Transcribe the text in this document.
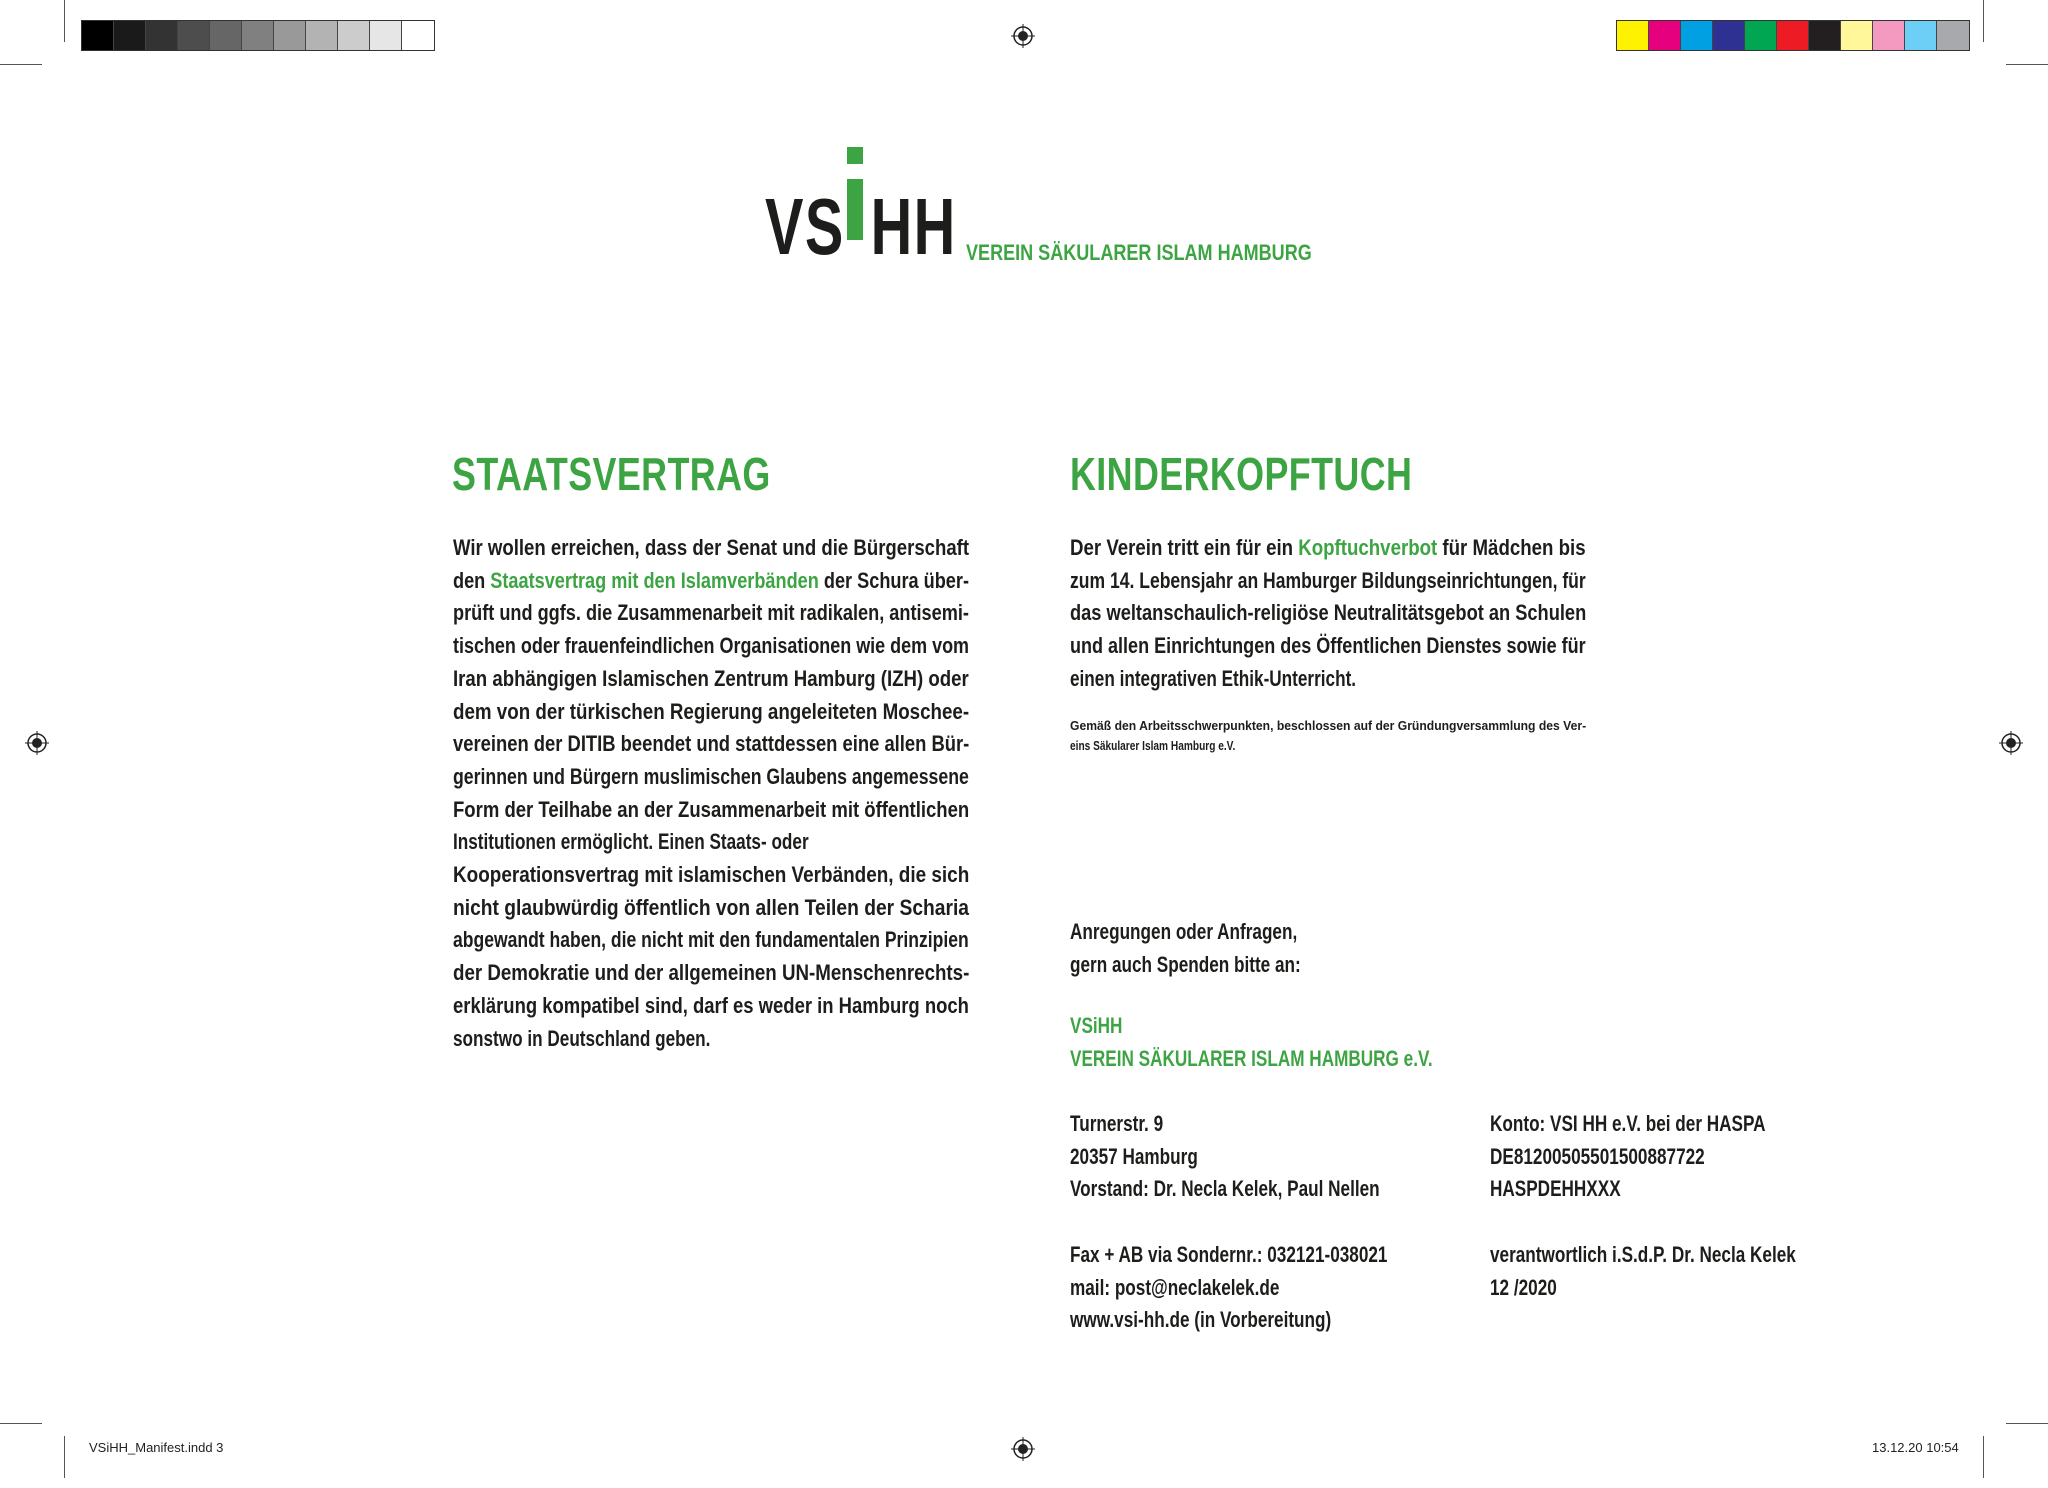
VS HH VEREIN SÄKULARER ISLAM HAMBURG
STAATSVERTRAG
Wir wollen erreichen, dass der Senat und die Bürgerschaft
den Staatsvertrag mit den Islamverbänden der Schura über-
prüft und ggfs. die Zusammenarbeit mit radikalen, antisemi-
tischen oder frauenfeindlichen Organisationen wie dem vom
Iran abhängigen Islamischen Zentrum Hamburg (IZH) oder
dem von der türkischen Regierung angeleiteten Moschee-
vereinen der DITIB beendet und stattdessen eine allen Bür-
gerinnen und Bürgern muslimischen Glaubens angemessene
Form der Teilhabe an der Zusammenarbeit mit öffentlichen
Institutionen ermöglicht. Einen Staats- oder
Kooperationsvertrag mit islamischen Verbänden, die sich
nicht glaubwürdig öffentlich von allen Teilen der Scharia
abgewandt haben, die nicht mit den fundamentalen Prinzipien
der Demokratie und der allgemeinen UN-Menschenrechts-
erklärung kompatibel sind, darf es weder in Hamburg noch
sonstwo in Deutschland geben.
KINDERKOPFTUCH
Der Verein tritt ein für ein Kopftuchverbot für Mädchen bis
zum 14. Lebensjahr an Hamburger Bildungseinrichtungen, für
das weltanschaulich-religiöse Neutralitätsgebot an Schulen
und allen Einrichtungen des Öffentlichen Dienstes sowie für
einen integrativen Ethik-Unterricht.
Gemäß den Arbeitsschwerpunkten, beschlossen auf der Gründungversammlung des Ver-
eins Säkularer Islam Hamburg e.V.
Anregungen oder Anfragen,
gern auch Spenden bitte an:
VSiHH
VEREIN SÄKULARER ISLAM HAMBURG e.V.
Turnerstr. 9
20357 Hamburg
Vorstand: Dr. Necla Kelek, Paul Nellen
Fax + AB via Sondernr.: 032121-038021
mail: post@neclakelek.de
www.vsi-hh.de (in Vorbereitung)
Konto: VSI HH e.V. bei der HASPA
DE81200505501500887722
HASPDEHHXXX
verantwortlich i.S.d.P. Dr. Necla Kelek
12 /2020
VSiHH_Manifest.indd 3	13.12.20 10:54
